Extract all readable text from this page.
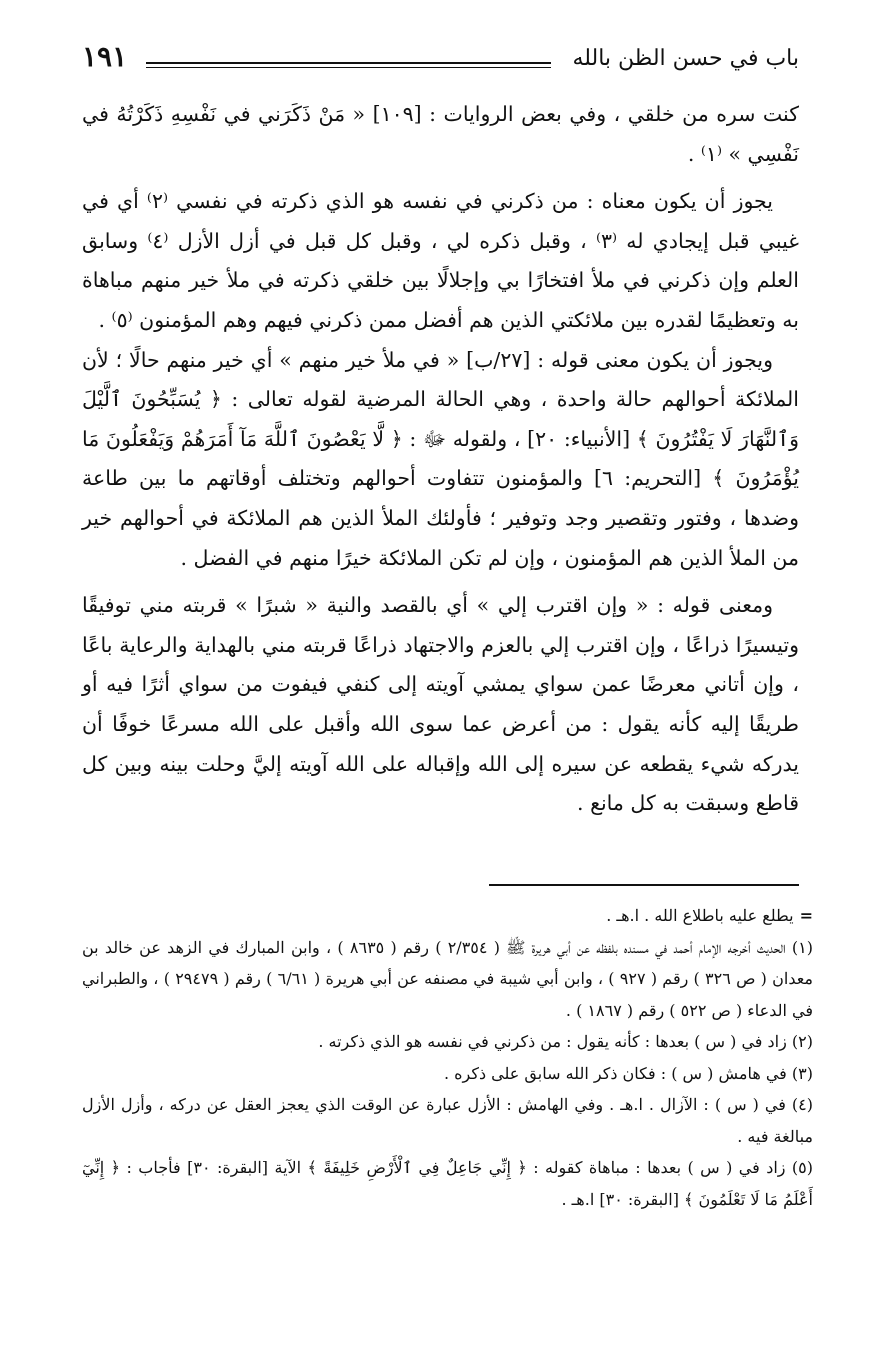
١٩١	باب في حسن الظن بالله

كنت سره من خلقي ، وفي بعض الروايات : [١٠٩] « مَنْ ذَكَرَني في نَفْسِهِ ذَكَرْتُهُ في نَفْسِي » ⁽١⁾ .

يجوز أن يكون معناه : من ذكرني في نفسه هو الذي ذكرته في نفسي ⁽٢⁾ أي في غيبي قبل إيجادي له ⁽٣⁾ ، وقبل ذكره لي ، وقبل كل قبل في أزل الأزل ⁽٤⁾ وسابق العلم وإن ذكرني في ملأ افتخارًا بي وإجلالًا بين خلقي ذكرته في ملأ خير منهم مباهاة به وتعظيمًا لقدره بين ملائكتي الذين هم أفضل ممن ذكرني فيهم وهم المؤمنون ⁽٥⁾ .

ويجوز أن يكون معنى قوله : [٢٧/ب] « في ملأ خير منهم » أي خير منهم حالًا ؛ لأن الملائكة أحوالهم حالة واحدة ، وهي الحالة المرضية لقوله تعالى : ﴿ يُسَبِّحُونَ ٱلَّيْلَ وَٱلنَّهَارَ لَا يَفْتُرُونَ ﴾ [الأنبياء: ٢٠] ، ولقوله ﷻ : ﴿ لَّا يَعْصُونَ ٱللَّهَ مَآ أَمَرَهُمْ وَيَفْعَلُونَ مَا يُؤْمَرُونَ ﴾ [التحريم: ٦] والمؤمنون تتفاوت أحوالهم وتختلف أوقاتهم ما بين طاعة وضدها ، وفتور وتقصير وجد وتوفير ؛ فأولئك الملأ الذين هم الملائكة في أحوالهم خير من الملأ الذين هم المؤمنون ، وإن لم تكن الملائكة خيرًا منهم في الفضل .

ومعنى قوله : « وإن اقترب إلي » أي بالقصد والنية « شبرًا » قربته مني توفيقًا وتيسيرًا ذراعًا ، وإن اقترب إلي بالعزم والاجتهاد ذراعًا قربته مني بالهداية والرعاية باعًا ، وإن أتاني معرضًا عمن سواي يمشي آويته إلى كنفي فيفوت من سواي أثرًا فيه أو طريقًا إليه كأنه يقول : من أعرض عما سوى الله وأقبل على الله مسرعًا خوفًا أن يدركه شيء يقطعه عن سيره إلى الله وإقباله على الله آويته إليَّ وحلت بينه وبين كل قاطع وسبقت به كل مانع .

=يطلع عليه باطلاع الله . ا.هـ .

(١) الحديث أخرجه الإمام أحمد في مسنده بلفظه عن أبي هريرة ﷺ ( ٢/٣٥٤ ) رقم ( ٨٦٣٥ ) ، وابن المبارك في الزهد عن خالد بن معدان ( ص ٣٢٦ ) رقم ( ٩٢٧ ) ، وابن أبي شيبة في مصنفه عن أبي هريرة ( ٦/٦١ ) رقم ( ٢٩٤٧٩ ) ، والطبراني في الدعاء ( ص ٥٢٢ ) رقم ( ١٨٦٧ ) .

(٢) زاد في ( س ) بعدها : كأنه يقول : من ذكرني في نفسه هو الذي ذكرته .

(٣) في هامش ( س ) : فكان ذكر الله سابق على ذكره .

(٤) في ( س ) : الآزال . ا.هـ . وفي الهامش : الأزل عبارة عن الوقت الذي يعجز العقل عن دركه ، وأزل الأزل مبالغة فيه .

(٥) زاد في ( س ) بعدها : مباهاة كقوله : ﴿ إِنِّي جَاعِلٌ فِي ٱلْأَرْضِ خَلِيفَةً ﴾ الآية [البقرة: ٣٠] فأجاب : ﴿ إِنِّيٓ أَعْلَمُ مَا لَا تَعْلَمُونَ ﴾ [البقرة: ٣٠] ا.هـ .
